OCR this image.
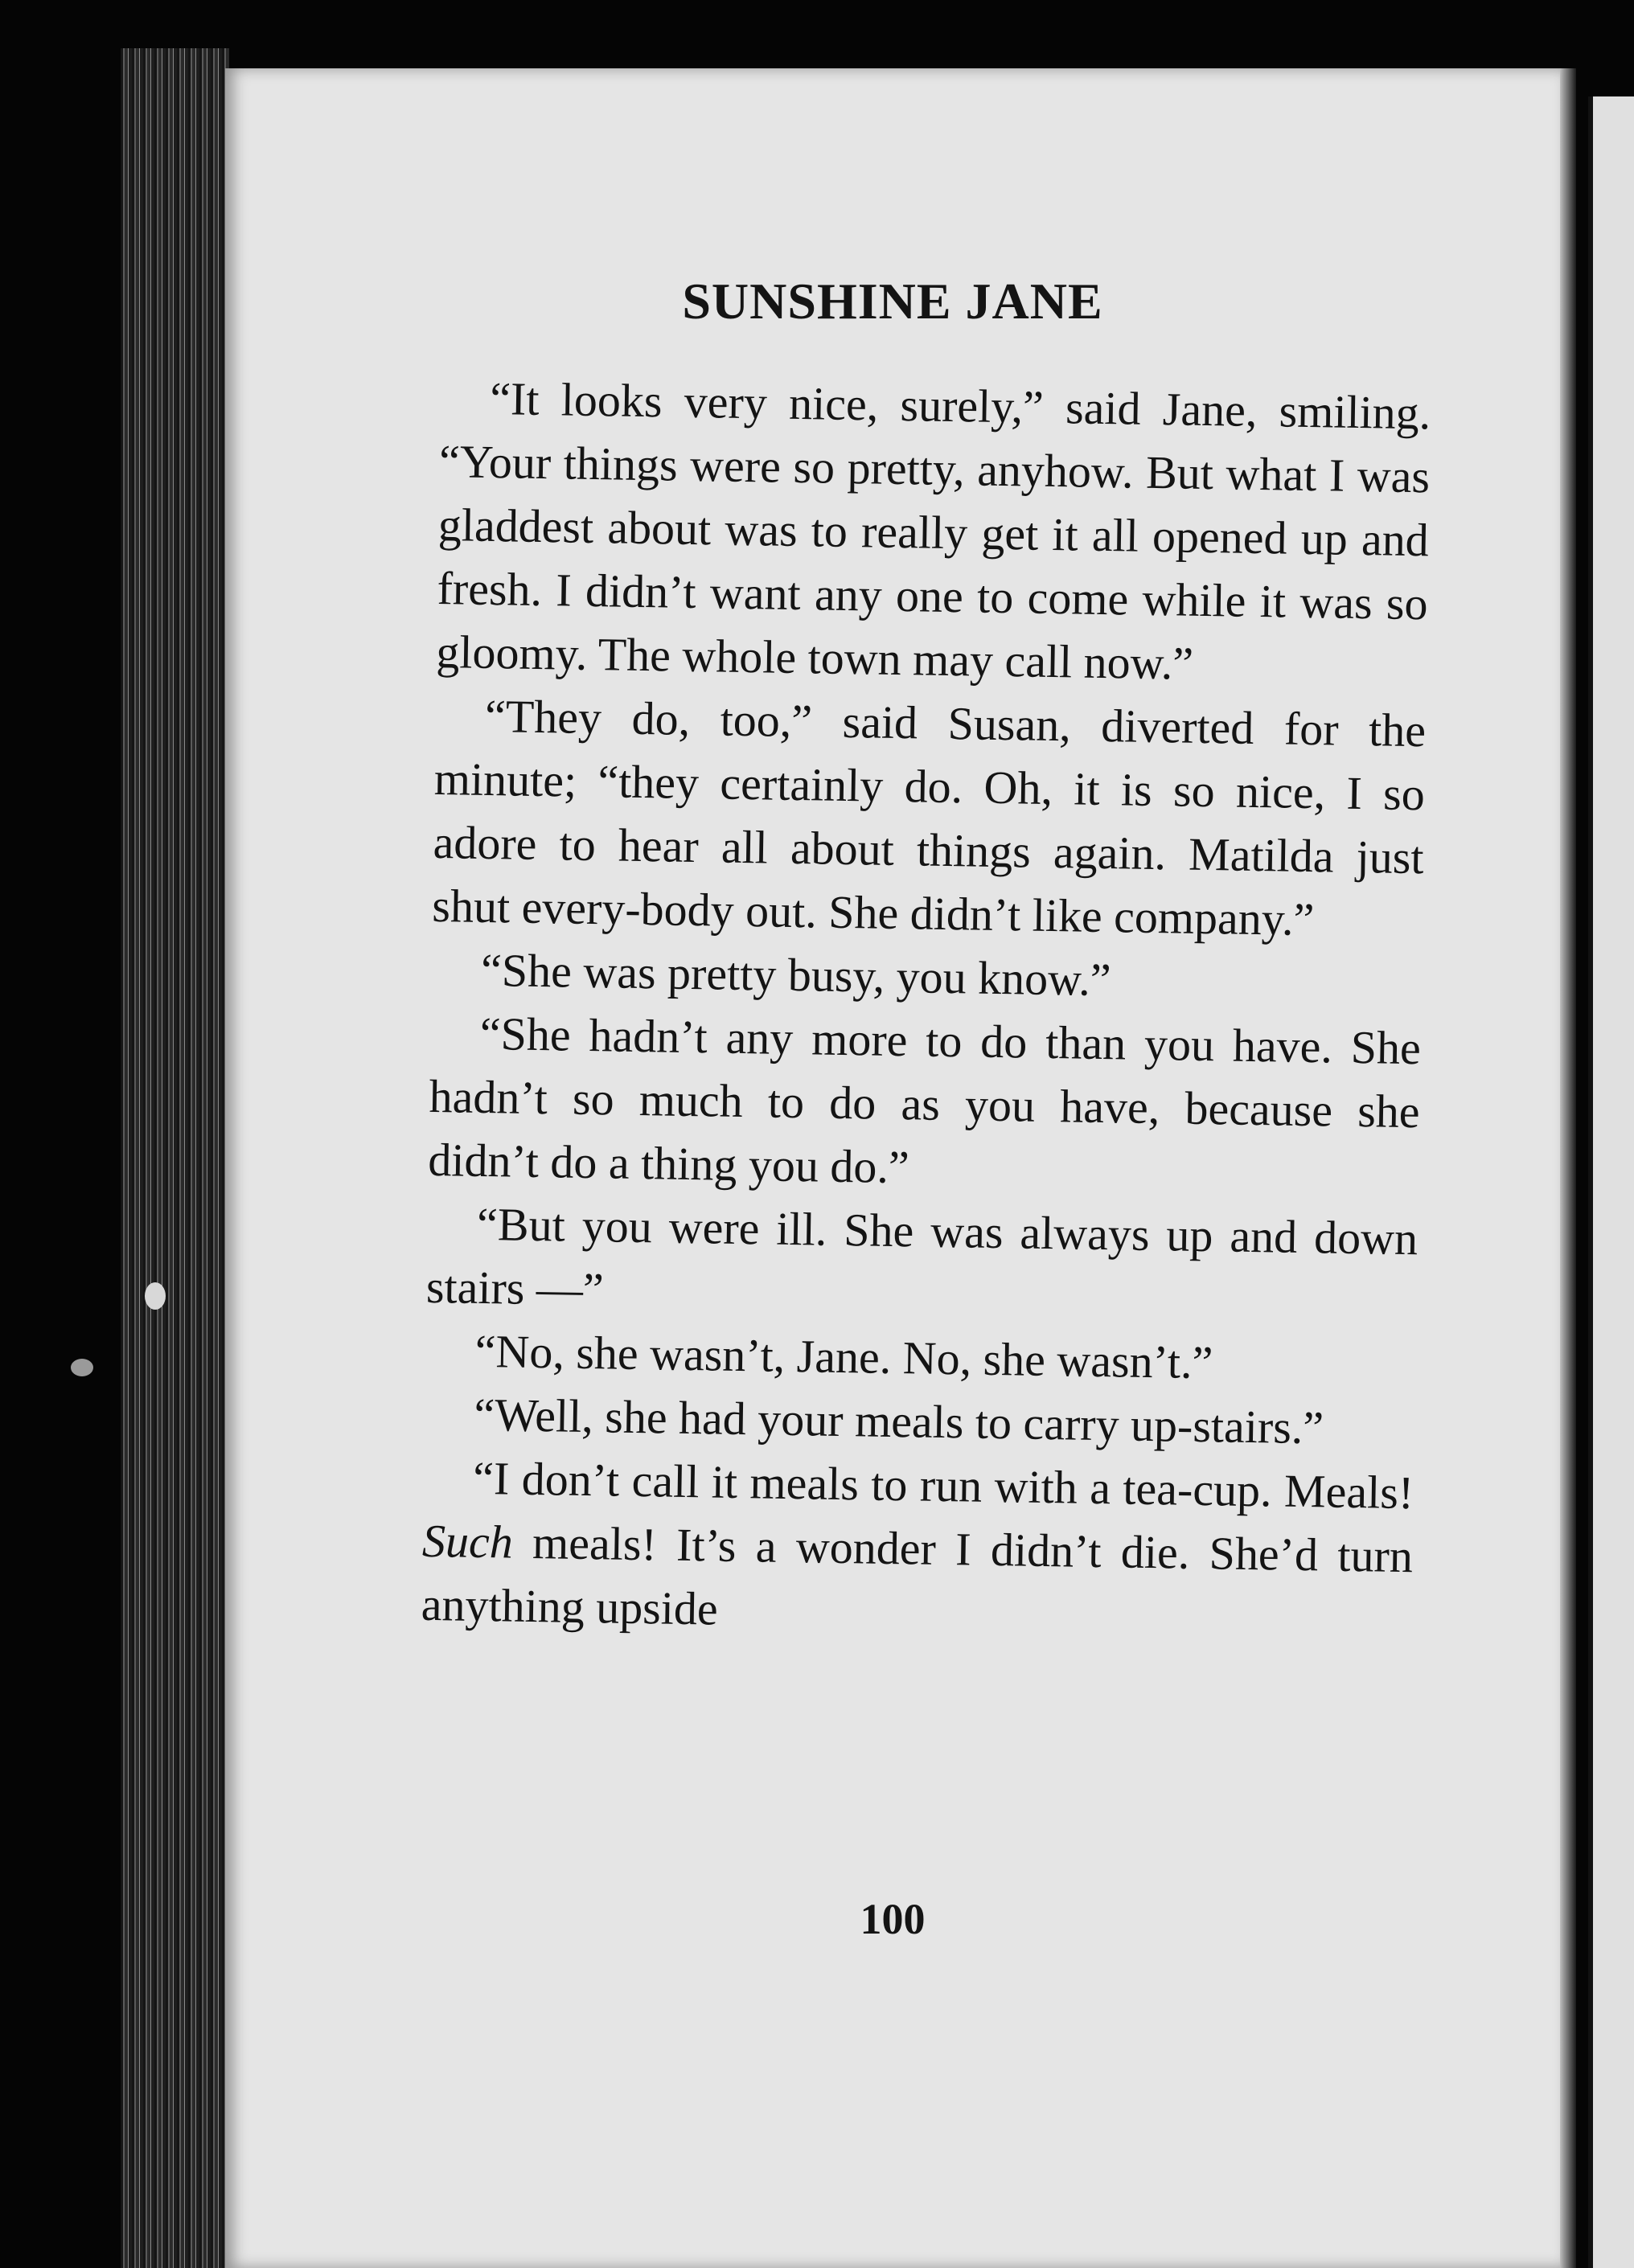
SUNSHINE JANE

“It looks very nice, surely,” said Jane, smiling. “Your things were so pretty, anyhow. But what I was gladdest about was to really get it all opened up and fresh. I didn’t want any one to come while it was so gloomy. The whole town may call now.”

“They do, too,” said Susan, diverted for the minute; “they certainly do. Oh, it is so nice, I so adore to hear all about things again. Matilda just shut every-body out. She didn’t like company.”

“She was pretty busy, you know.”

“She hadn’t any more to do than you have. She hadn’t so much to do as you have, because she didn’t do a thing you do.”

“But you were ill. She was always up and down stairs —”

“No, she wasn’t, Jane. No, she wasn’t.”

“Well, she had your meals to carry up-stairs.”

“I don’t call it meals to run with a tea-cup. Meals! Such meals! It’s a wonder I didn’t die. She’d turn anything upside

100
